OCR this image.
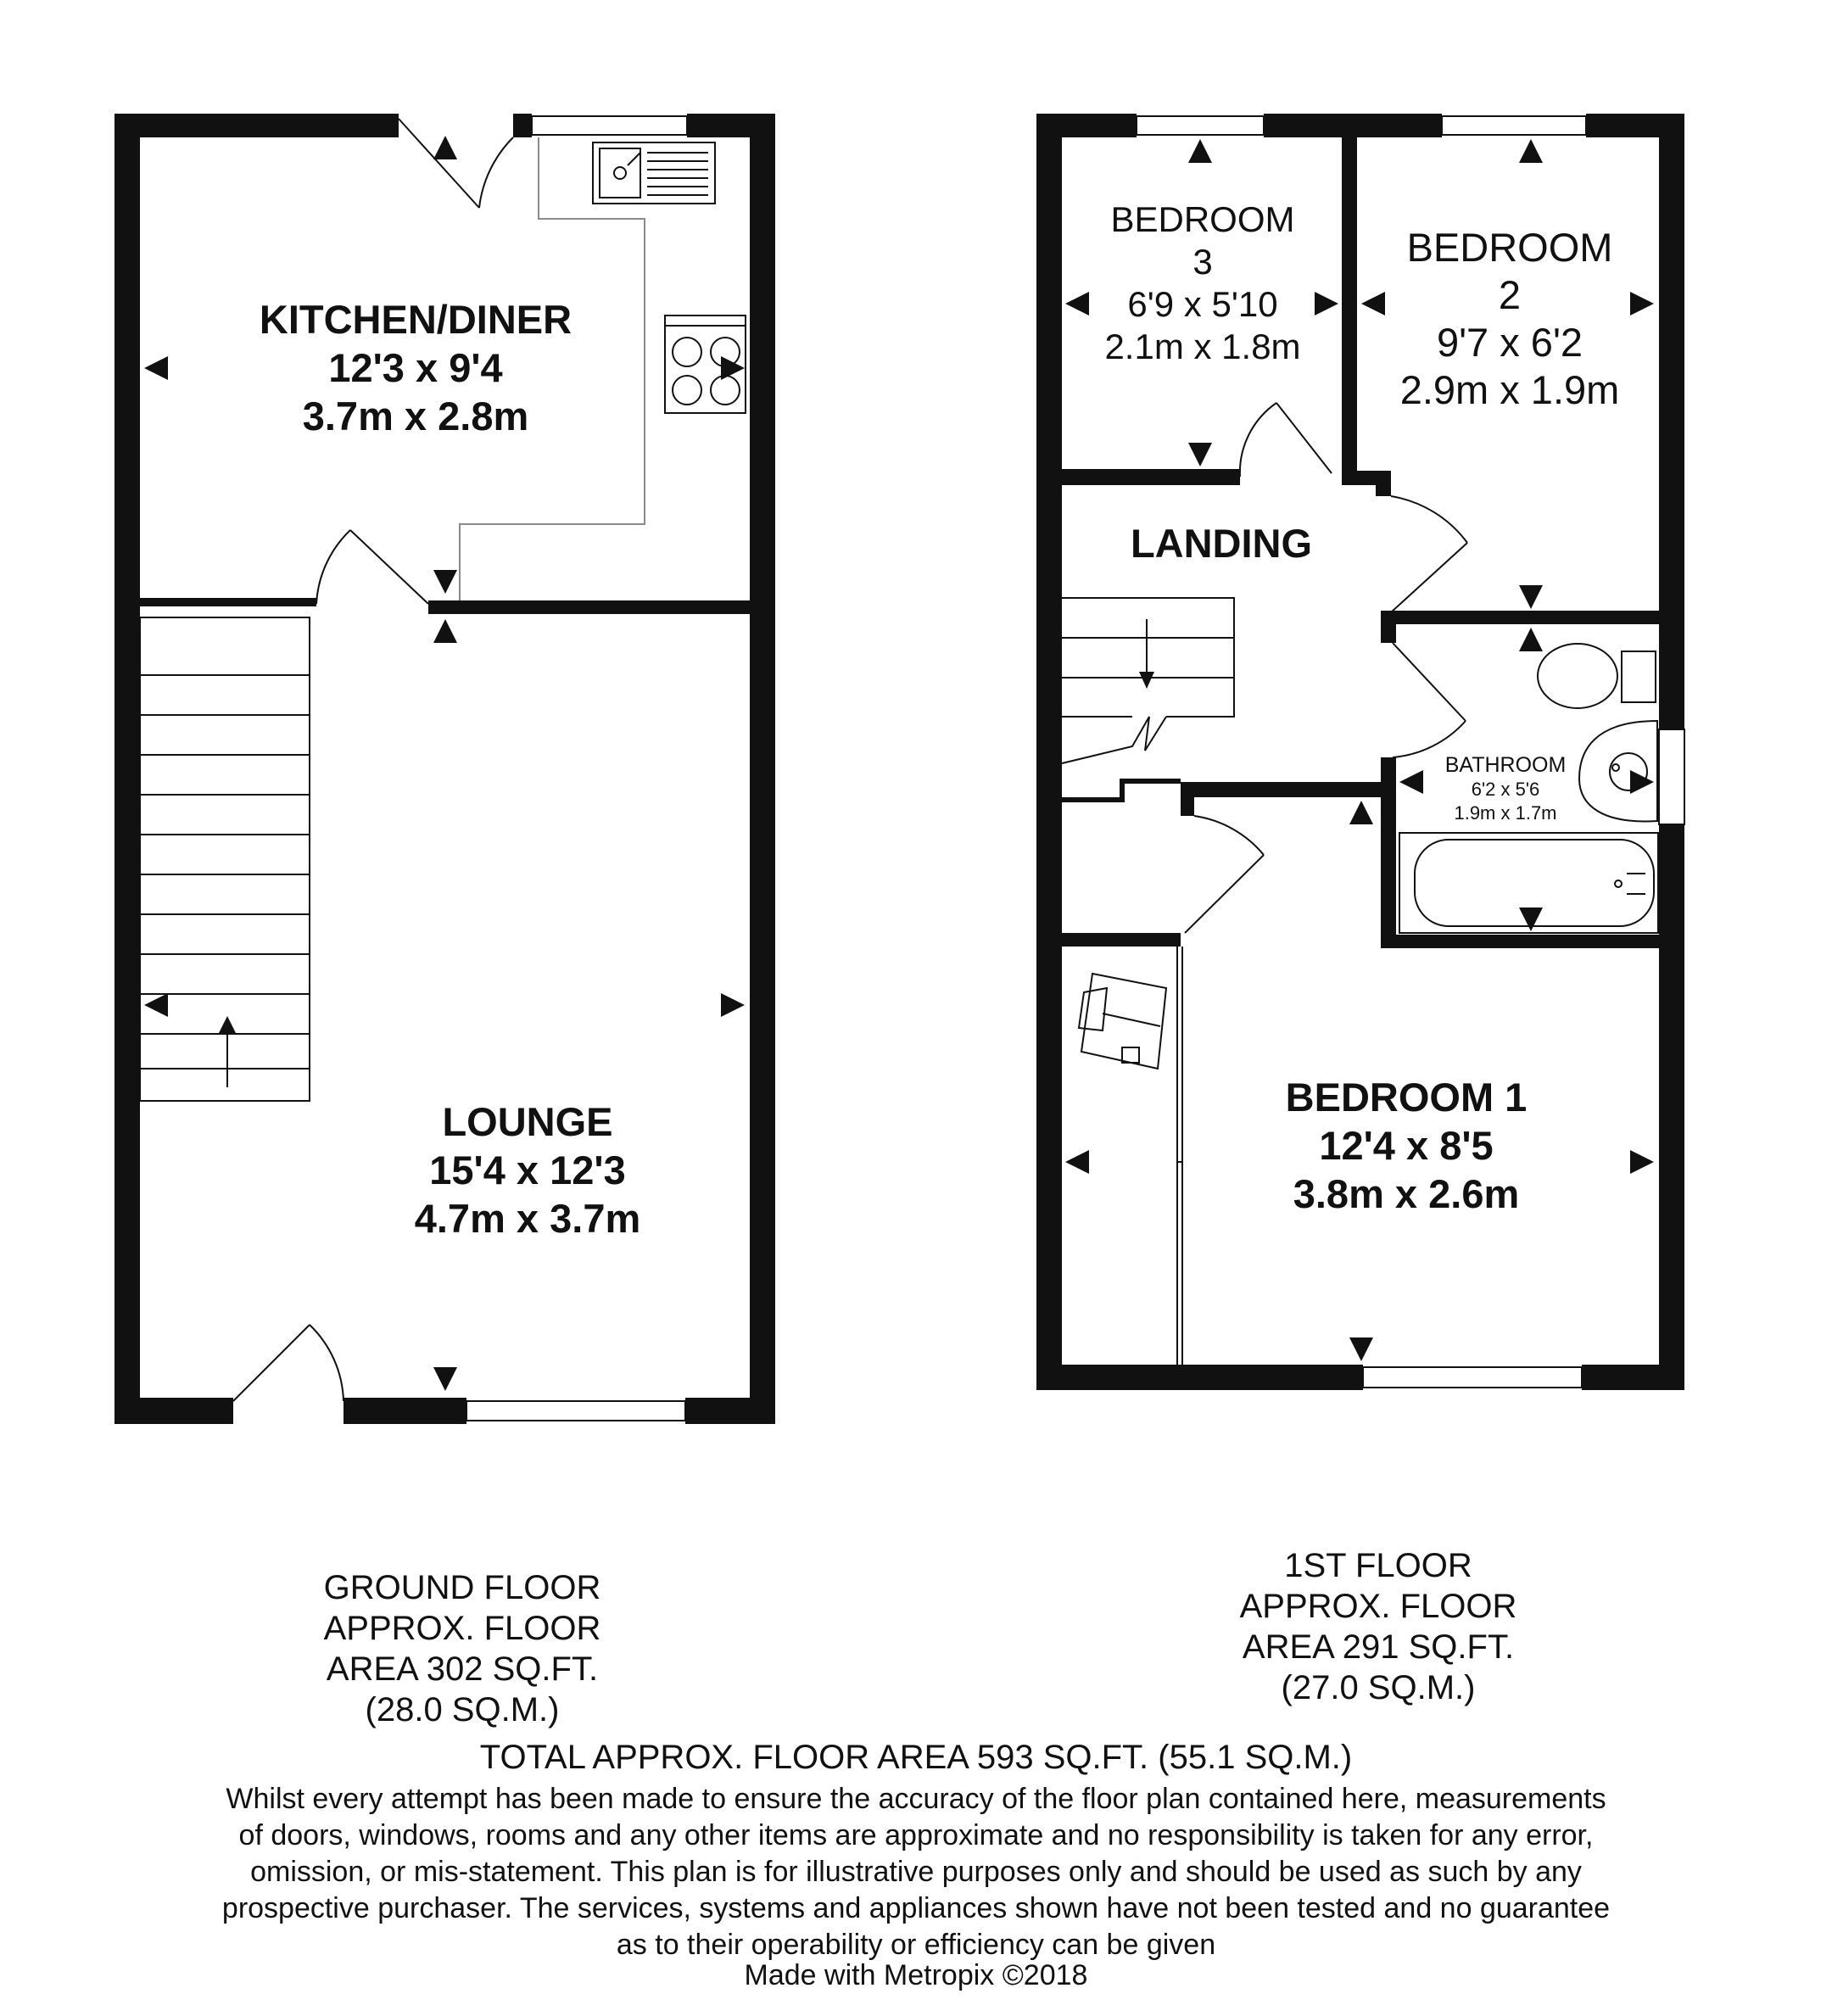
KITCHEN/DINER
12'3 x 9'4
3.7m x 2.8m
LOUNGE
15'4 x 12'3
4.7m x 3.7m
BEDROOM
3
6'9 x 5'10
2.1m x 1.8m
BEDROOM
2
9'7 x 6'2
2.9m x 1.9m
LANDING
BATHROOM
6'2 x 5'6
1.9m x 1.7m
BEDROOM 1
12'4 x 8'5
3.8m x 2.6m
GROUND FLOOR
APPROX. FLOOR
AREA 302 SQ.FT.
(28.0 SQ.M.)
1ST FLOOR
APPROX. FLOOR
AREA 291 SQ.FT.
(27.0 SQ.M.)
TOTAL APPROX. FLOOR AREA 593 SQ.FT. (55.1 SQ.M.)
Whilst every attempt has been made to ensure the accuracy of the floor plan contained here, measurements of doors, windows, rooms and any other items are approximate and no responsibility is taken for any error, omission, or mis-statement. This plan is for illustrative purposes only and should be used as such by any prospective purchaser. The services, systems and appliances shown have not been tested and no guarantee as to their operability or efficiency can be given
Made with Metropix ©2018
